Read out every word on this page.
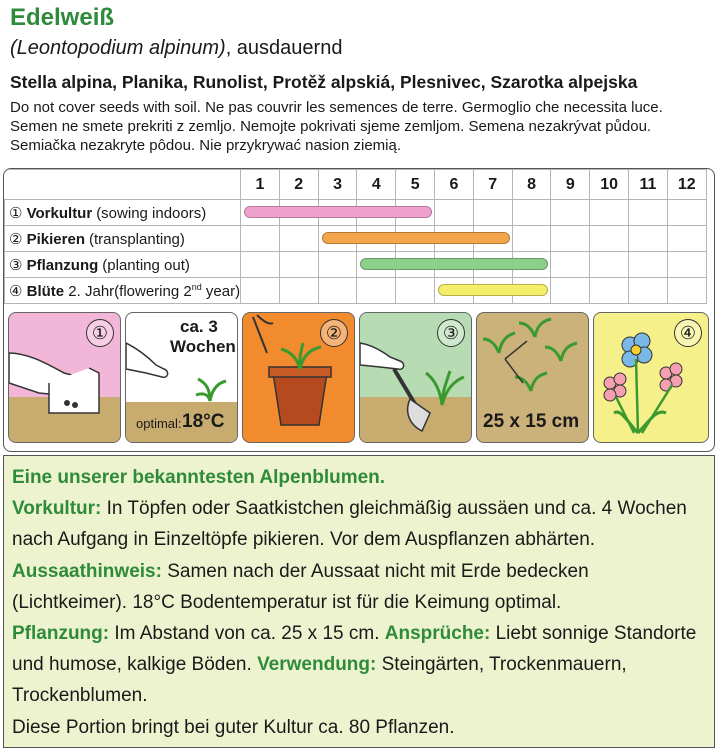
Edelweiß
(Leontopodium alpinum), ausdauernd
Stella alpina, Planika, Runolist, Protěž alpskiá, Plesnivec, Szarotka alpejska
Do not cover seeds with soil. Ne pas couvrir les semences de terre. Germoglio che necessita luce.
Semen ne smete prekriti z zemljo. Nemojte pokrivati sjeme zemljom. Semena nezakrývat půdou.
Semiačka nezakryte pôdou. Nie przykrywać nasion ziemią.
	1	2	3	4	5	6	7	8	9	10	11	12
① Vorkultur (sowing indoors)												
② Pikieren (transplanting)												
③ Pflanzung (planting out)												
④ Blüte 2. Jahr(flowering 2nd year)												
①	ca. 3
Wochen
optimal: 18°C
②	③
25 x 15 cm
④
Eine unserer bekanntesten Alpenblumen.
Vorkultur: In Töpfen oder Saatkistchen gleichmäßig aussäen und ca. 4 Wochen nach Aufgang in Einzeltöpfe pikieren. Vor dem Auspflanzen abhärten.
Aussaathinweis: Samen nach der Aussaat nicht mit Erde bedecken (Lichtkeimer). 18°C Bodentemperatur ist für die Keimung optimal.
Pflanzung: Im Abstand von ca. 25 x 15 cm. Ansprüche: Liebt sonnige Standorte und humose, kalkige Böden. Verwendung: Steingärten, Trockenmauern, Trockenblumen.
Diese Portion bringt bei guter Kultur ca. 80 Pflanzen.
